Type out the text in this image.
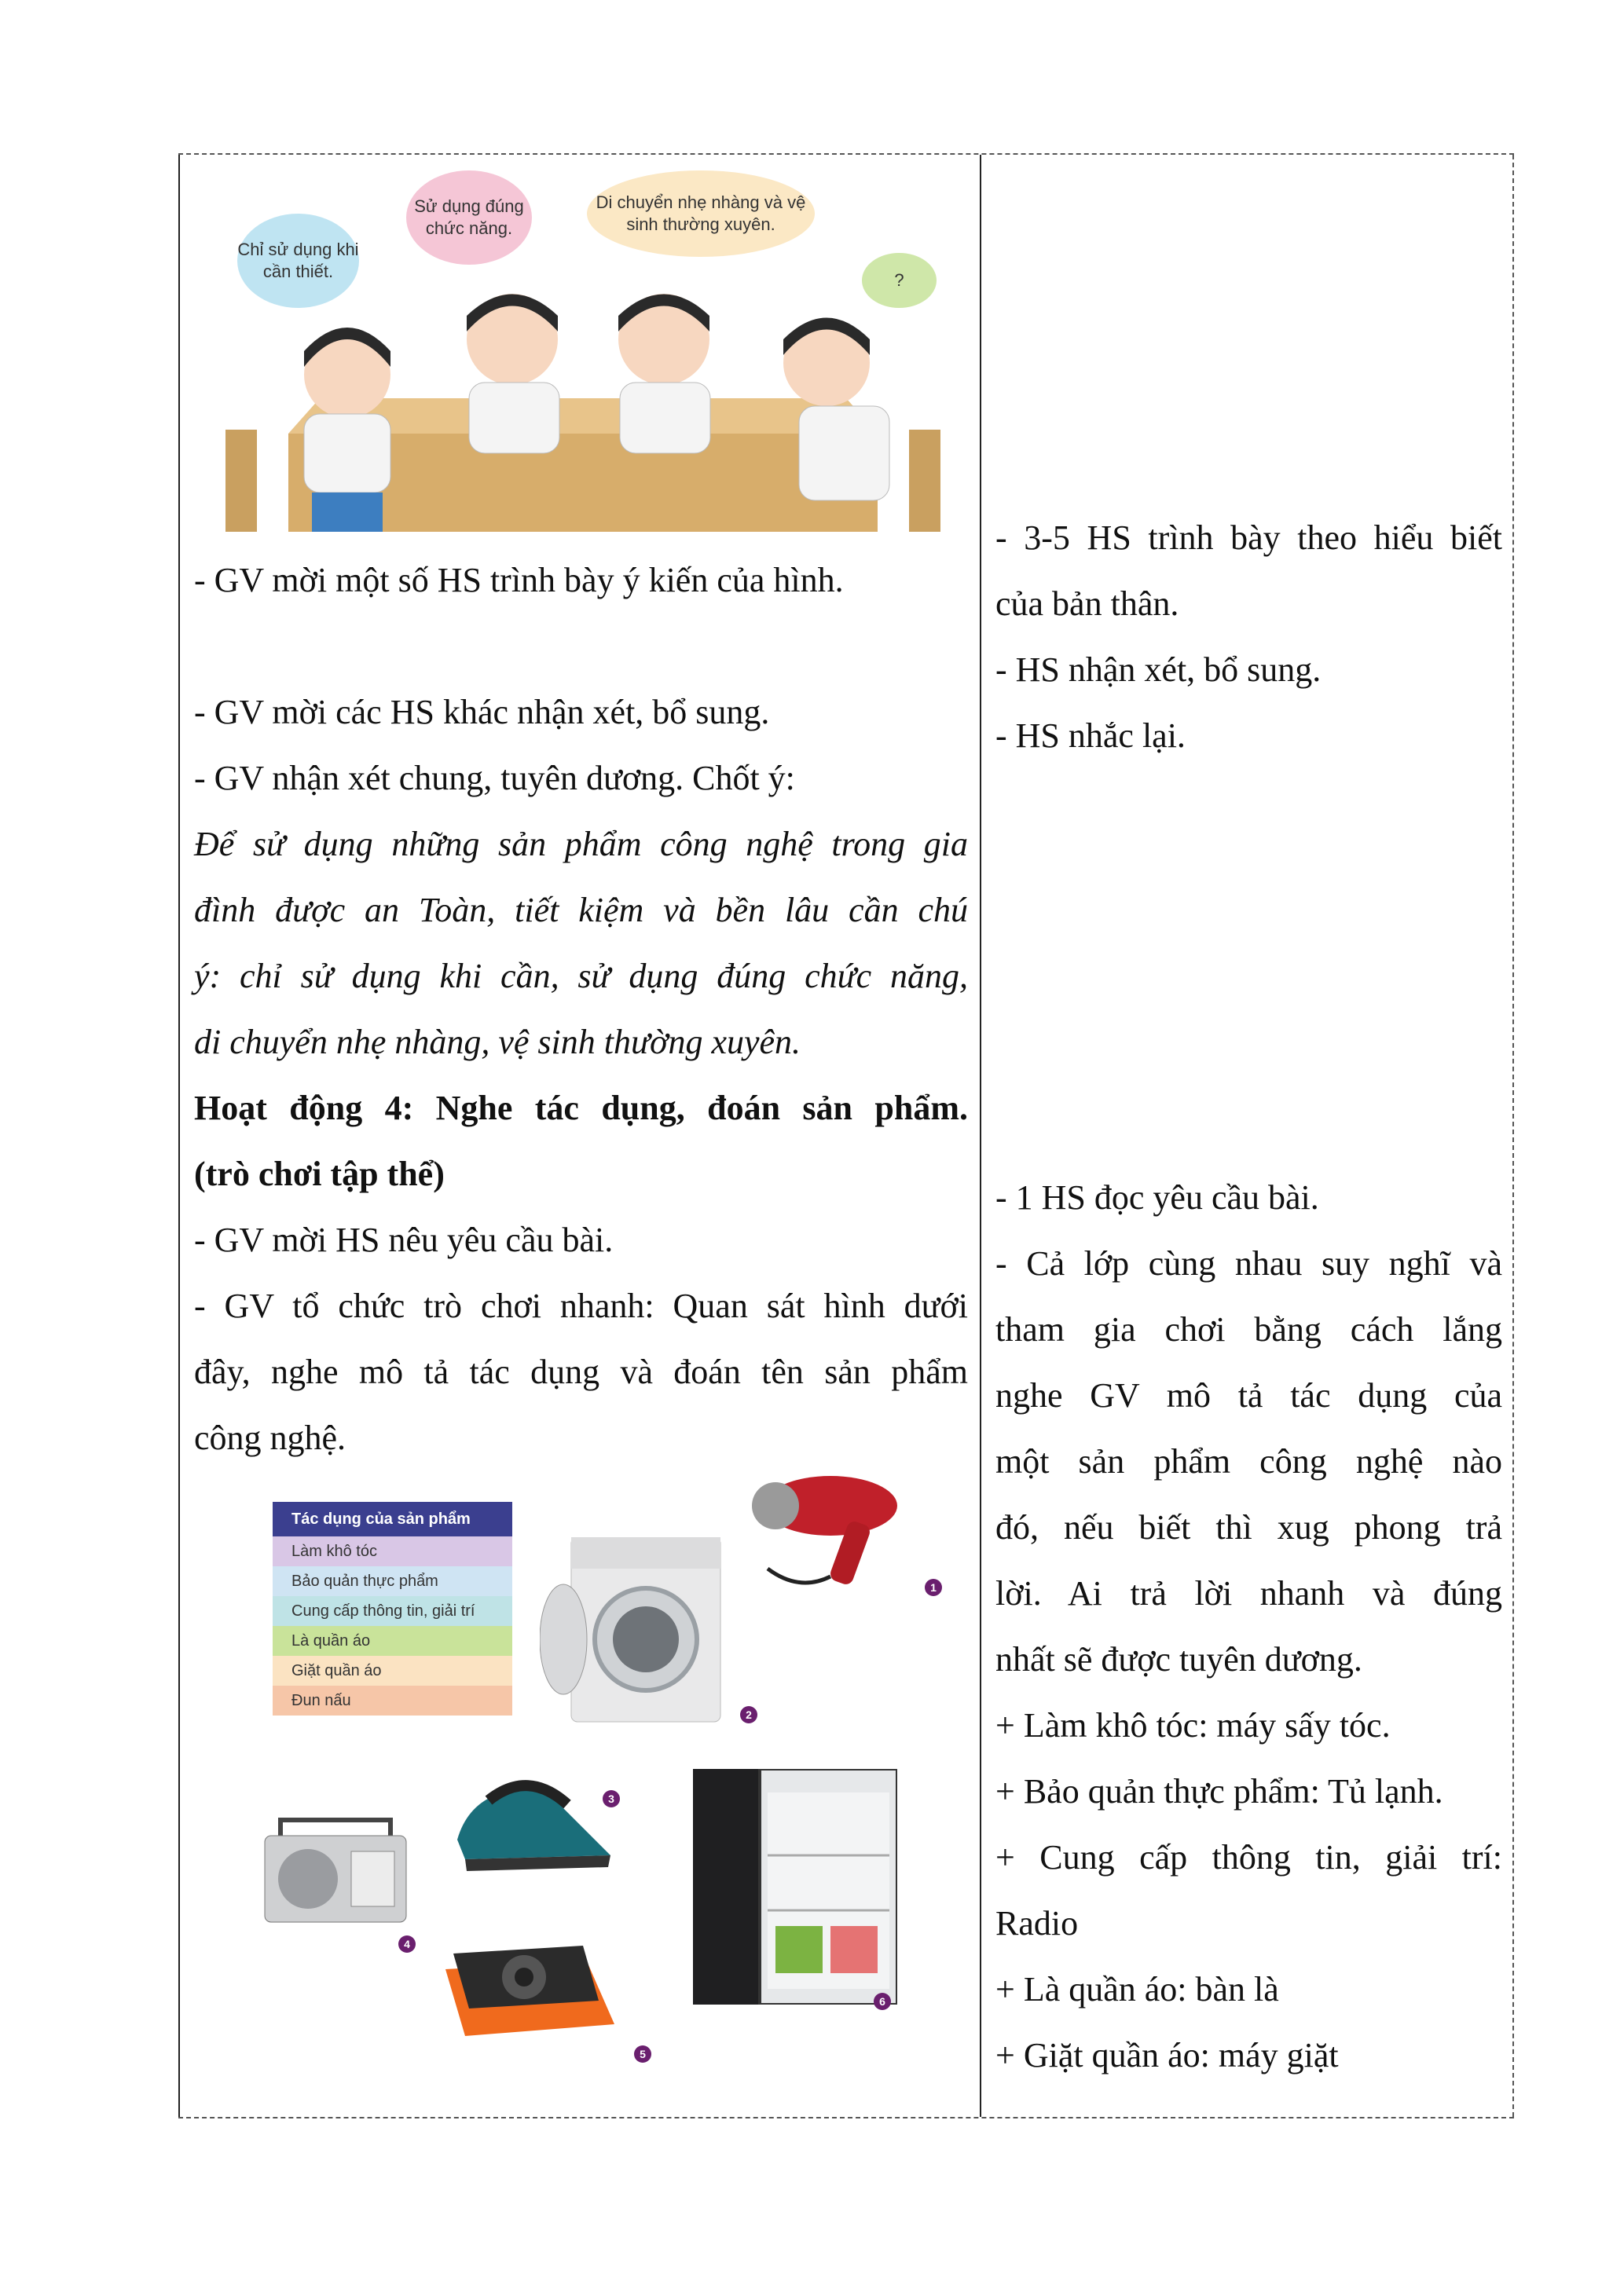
Chỉ sử dụng khi cần thiết.
Sử dụng đúng chức năng.
Di chuyển nhẹ nhàng và vệ sinh thường xuyên.
?
- GV mời một số HS trình bày ý kiến của hình.
- GV mời các HS khác nhận xét, bổ sung.
- GV nhận xét chung, tuyên dương. Chốt ý:
Để sử dụng những sản phẩm công nghệ trong gia
đình được an Toàn, tiết kiệm và bền lâu cần chú
ý: chỉ sử dụng khi cần, sử dụng đúng chức năng,
di chuyển nhẹ nhàng, vệ sinh thường xuyên.
Hoạt động 4: Nghe tác dụng, đoán sản phẩm.
(trò chơi tập thể)
- GV mời HS nêu yêu cầu bài.
- GV tổ chức trò chơi nhanh: Quan sát hình dưới
đây, nghe mô tả tác dụng và đoán tên sản phẩm
công nghệ.
Tác dụng của sản phẩm
Làm khô tóc
Bảo quản thực phẩm
Cung cấp thông tin, giải trí
Là quần áo
Giặt quần áo
Đun nấu
1
2
3
4
6
5
- 3-5 HS trình bày theo hiểu biết
của bản thân.
- HS nhận xét, bổ sung.
- HS nhắc lại.
- 1 HS đọc yêu cầu bài.
- Cả lớp cùng nhau suy nghĩ và
tham gia chơi bằng cách lắng
nghe GV mô tả tác dụng của
một sản phẩm công nghệ nào
đó, nếu biết thì xug phong trả
lời. Ai trả lời nhanh và đúng
nhất sẽ được tuyên dương.
+ Làm khô tóc: máy sấy tóc.
+ Bảo quản thực phẩm: Tủ lạnh.
+ Cung cấp thông tin, giải trí:
Radio
+ Là quần áo: bàn là
+ Giặt quần áo: máy giặt
